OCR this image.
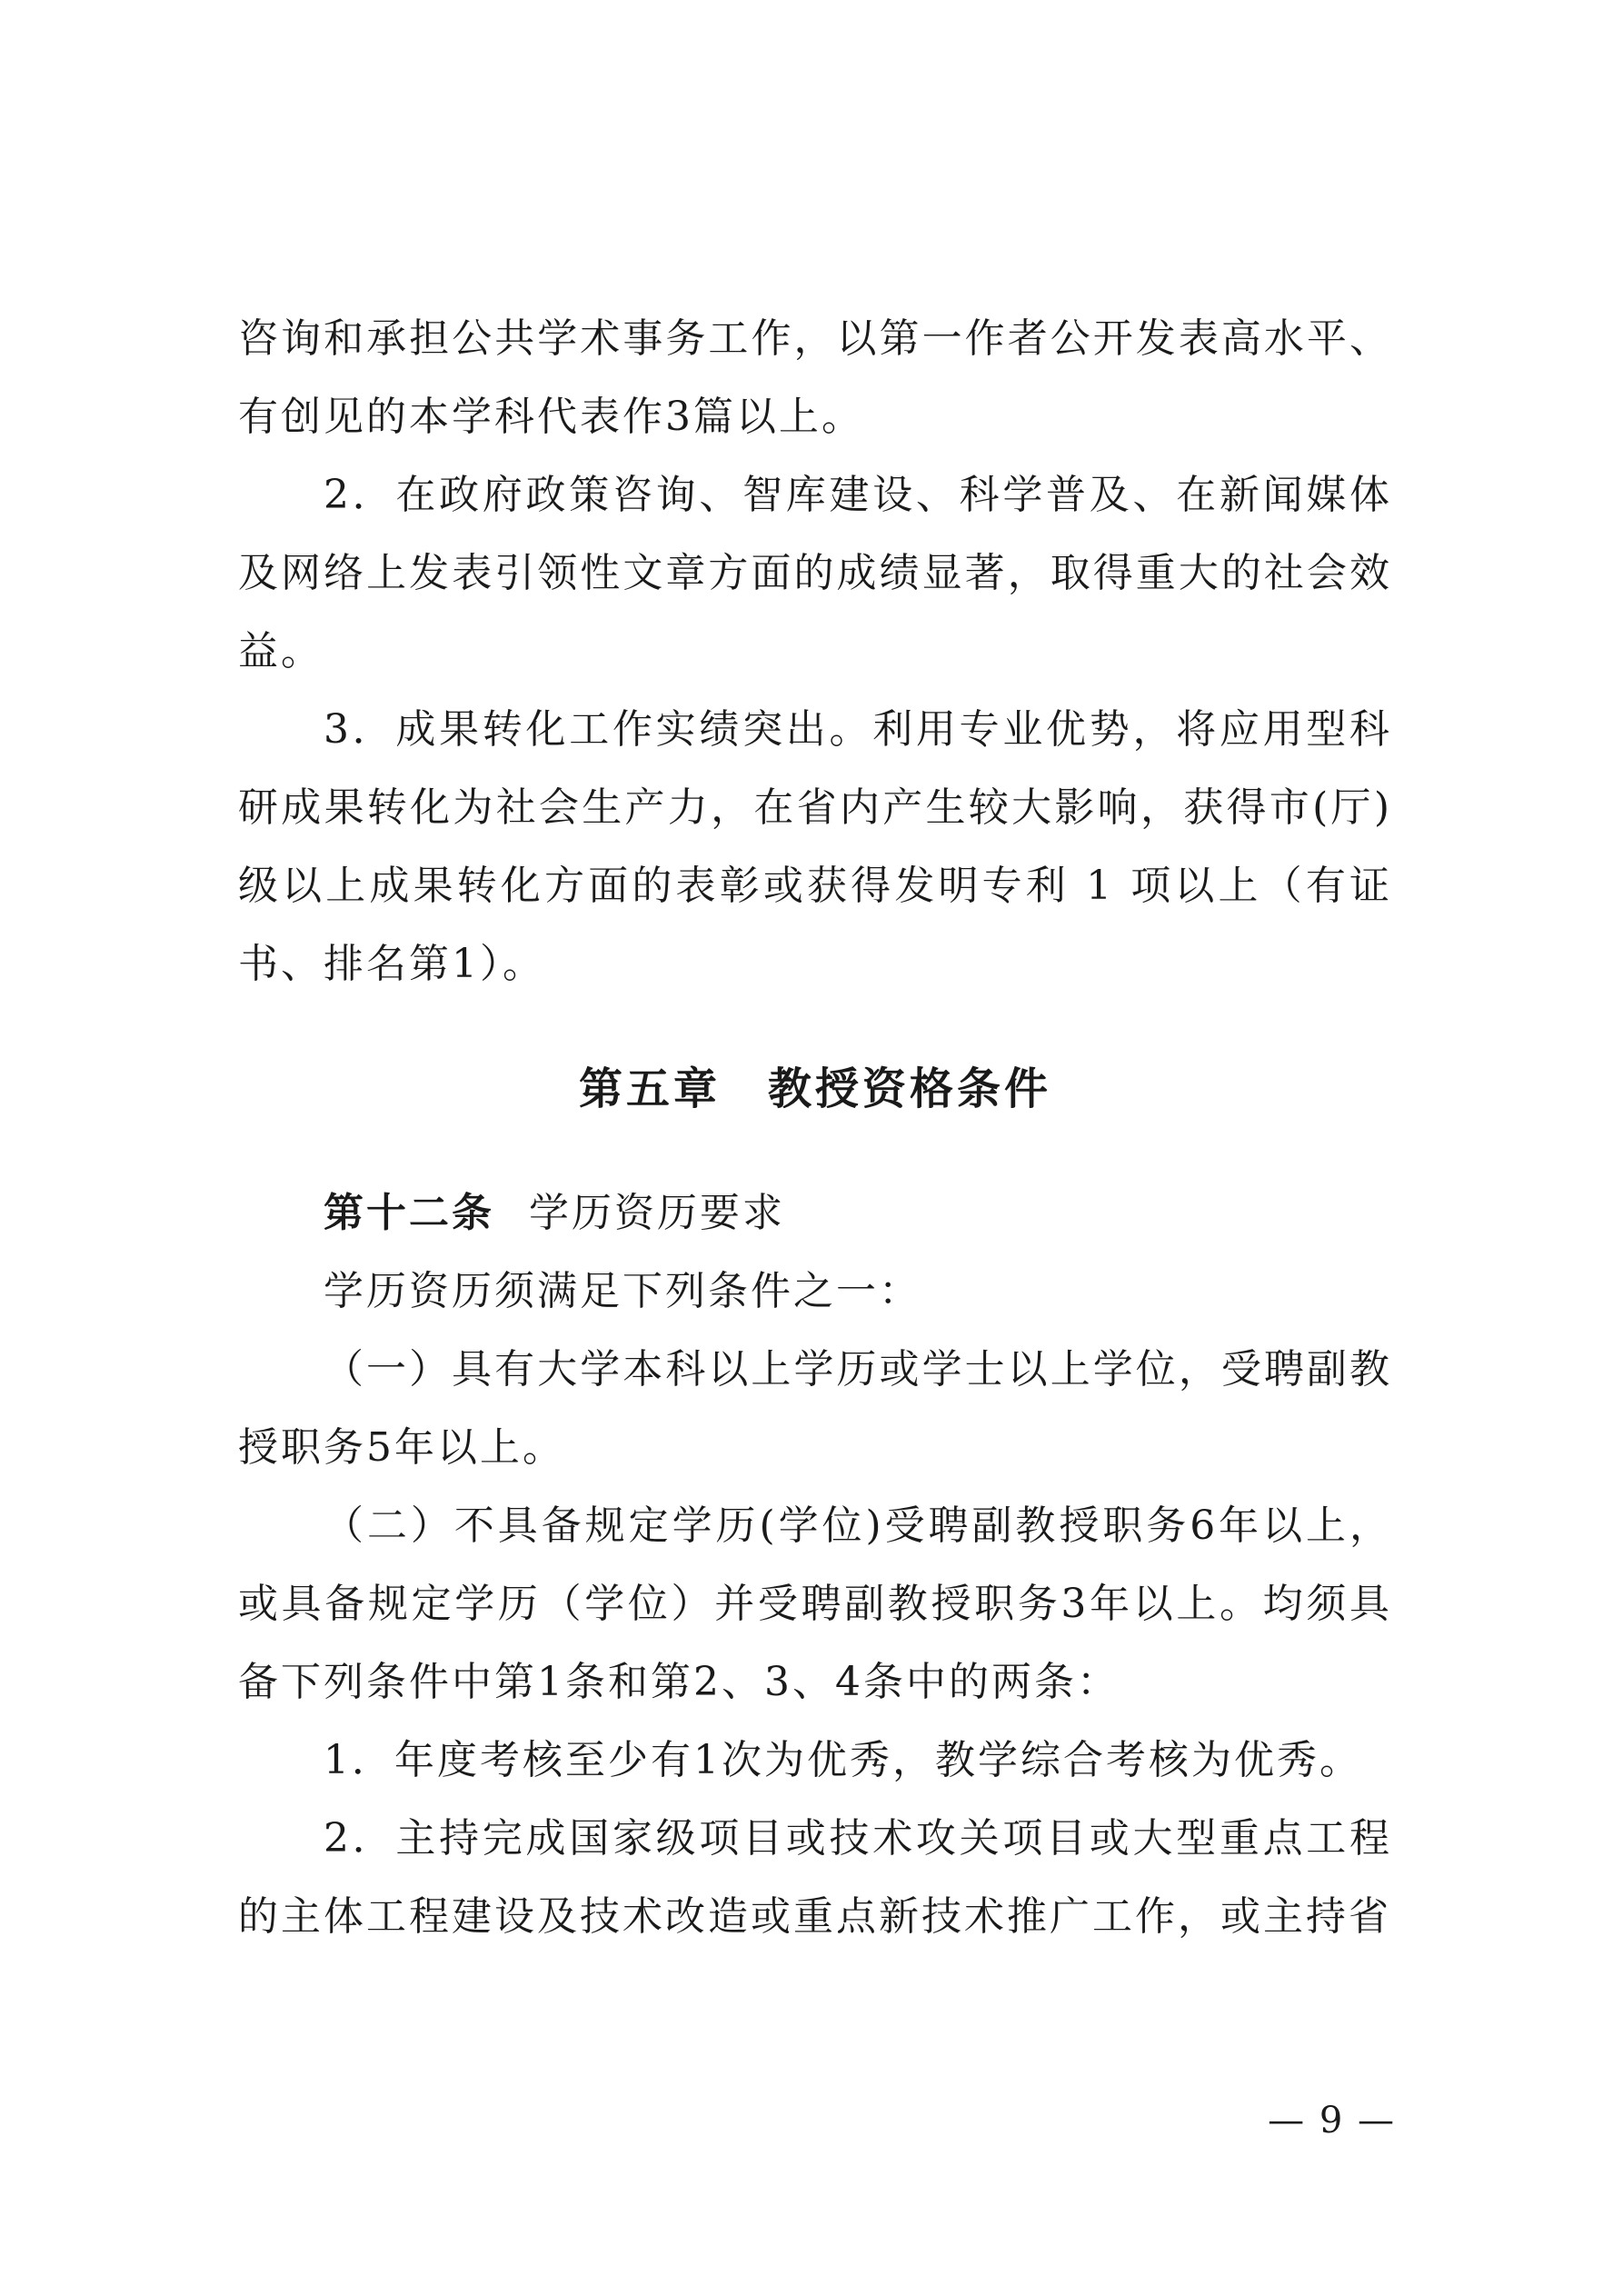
咨询和承担公共学术事务工作，以第一作者公开发表高水平、有创见的本学科代表作3篇以上。

2．在政府政策咨询、智库建设、科学普及、在新闻媒体及网络上发表引领性文章方面的成绩显著，取得重大的社会效益。

3．成果转化工作实绩突出。利用专业优势，将应用型科研成果转化为社会生产力，在省内产生较大影响，获得市(厅)级以上成果转化方面的表彰或获得发明专利 1 项以上（有证书、排名第1）。

第五章　教授资格条件
第十二条 学历资历要求

学历资历须满足下列条件之一：

（一）具有大学本科以上学历或学士以上学位，受聘副教授职务5年以上。

（二）不具备规定学历(学位)受聘副教授职务6年以上，或具备规定学历（学位）并受聘副教授职务3年以上。均须具备下列条件中第1条和第2、3、4条中的两条：

1．年度考核至少有1次为优秀，教学综合考核为优秀。

2．主持完成国家级项目或技术攻关项目或大型重点工程的主体工程建设及技术改造或重点新技术推广工作，或主持省

— 9 —
